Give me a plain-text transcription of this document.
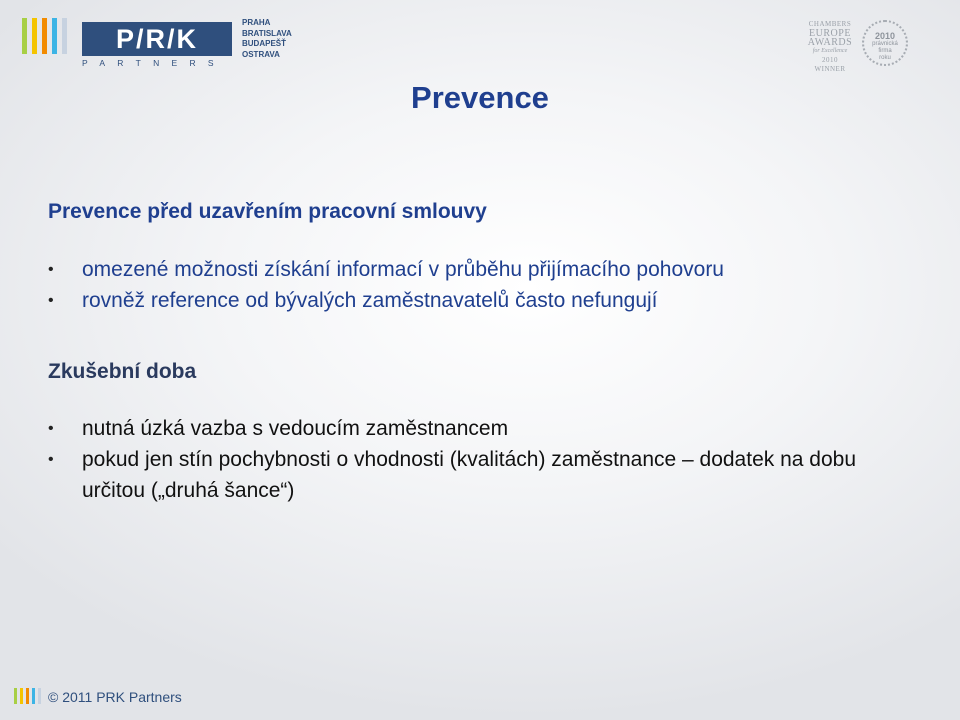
P/R/K
PARTNERS
PRAHA
BRATISLAVA
BUDAPEŠŤ
OSTRAVA
CHAMBERS
EUROPE
AWARDS
for Excellence
2010
WINNER
2010
právnická
firma
roku
Prevence
Prevence před uzavřením pracovní smlouvy
• omezené možnosti získání informací v průběhu přijímacího pohovoru
• rovněž reference od bývalých zaměstnavatelů často nefungují
Zkušební doba
• nutná úzká vazba s vedoucím zaměstnancem
• pokud jen stín pochybnosti o vhodnosti (kvalitách) zaměstnance – dodatek na dobu určitou („druhá šance“)
© 2011 PRK Partners
